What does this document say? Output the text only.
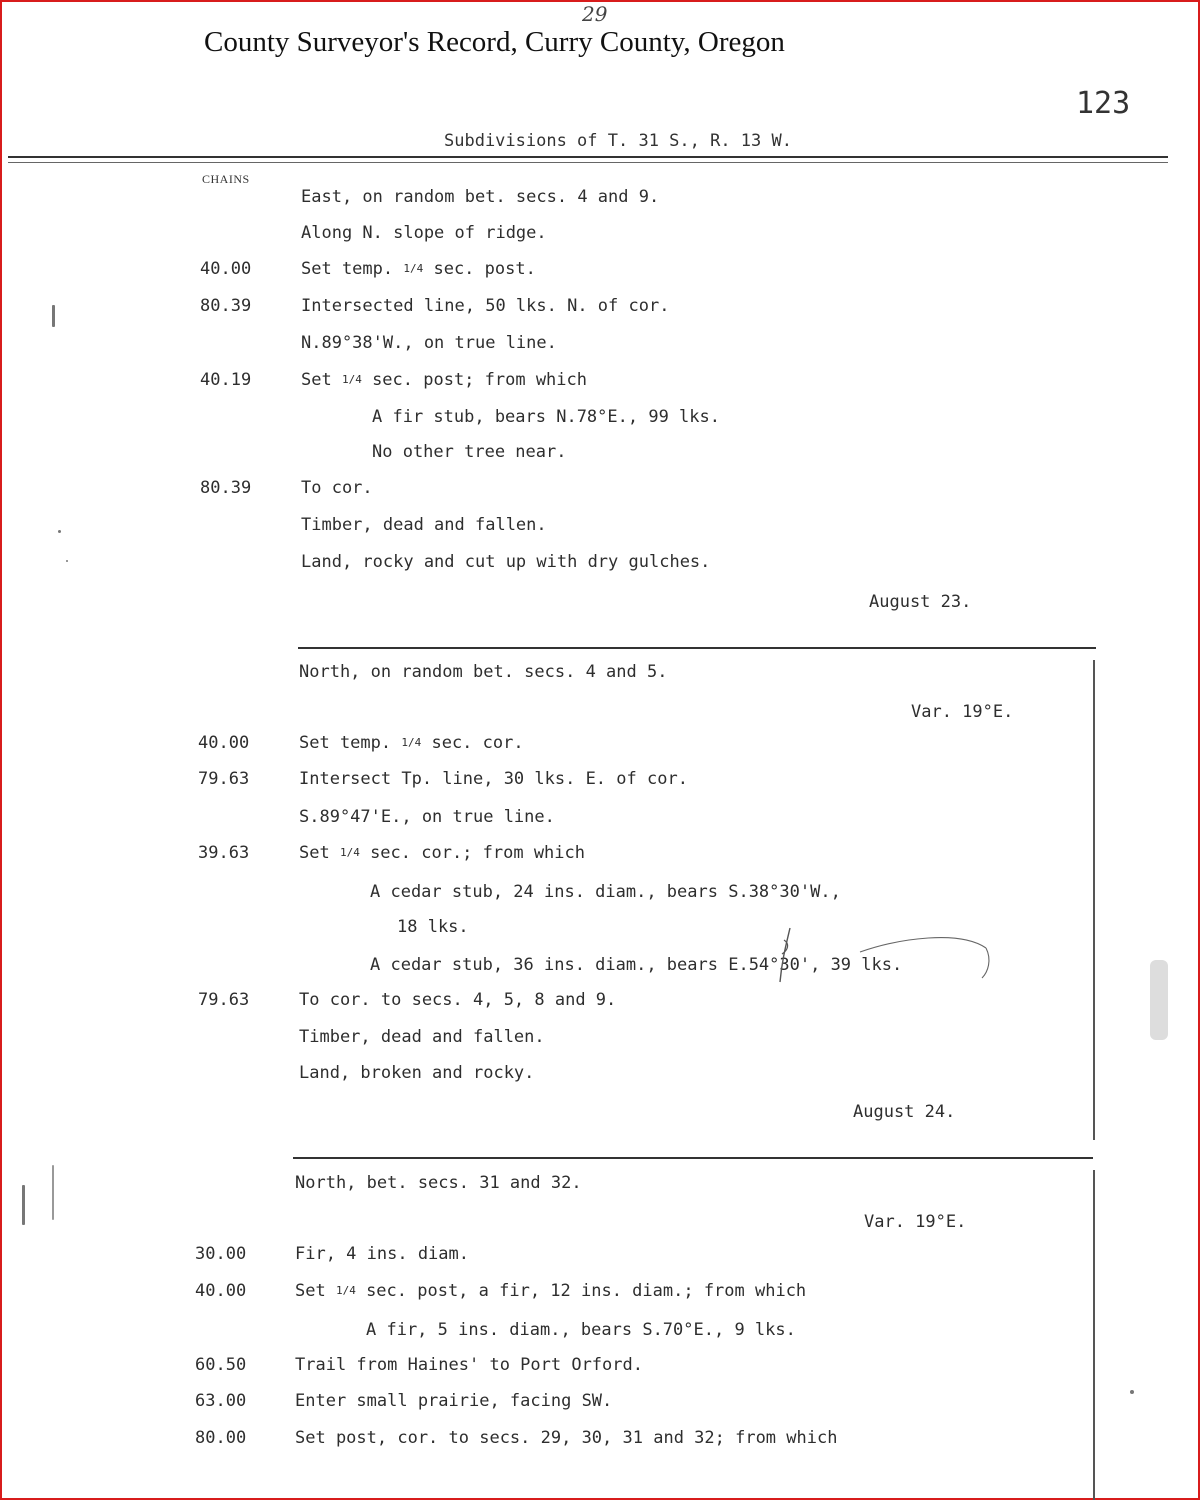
29
County Surveyor's Record, Curry County, Oregon
123
Subdivisions of T. 31 S., R. 13 W.
CHAINS
East, on random bet. secs. 4 and 9.
Along N. slope of ridge.
40.00	Set temp. 1/4 sec. post.
80.39	Intersected line, 50 lks. N. of cor.
N.89°38'W., on true line.
40.19	Set 1/4 sec. post; from which
A fir stub, bears N.78°E., 99 lks.
No other tree near.
80.39	To cor.
Timber, dead and fallen.
Land, rocky and cut up with dry gulches.
August 23.
North, on random bet. secs. 4 and 5.
Var. 19°E.
40.00	Set temp. 1/4 sec. cor.
79.63	Intersect Tp. line, 30 lks. E. of cor.
S.89°47'E., on true line.
39.63	Set 1/4 sec. cor.; from which
A cedar stub, 24 ins. diam., bears S.38°30'W.,
18 lks.
A cedar stub, 36 ins. diam., bears E.54°30', 39 lks.
79.63	To cor. to secs. 4, 5, 8 and 9.
Timber, dead and fallen.
Land, broken and rocky.
August 24.
North, bet. secs. 31 and 32.
Var. 19°E.
30.00	Fir, 4 ins. diam.
40.00	Set 1/4 sec. post, a fir, 12 ins. diam.; from which
A fir, 5 ins. diam., bears S.70°E., 9 lks.
60.50	Trail from Haines' to Port Orford.
63.00	Enter small prairie, facing SW.
80.00	Set post, cor. to secs. 29, 30, 31 and 32; from which
